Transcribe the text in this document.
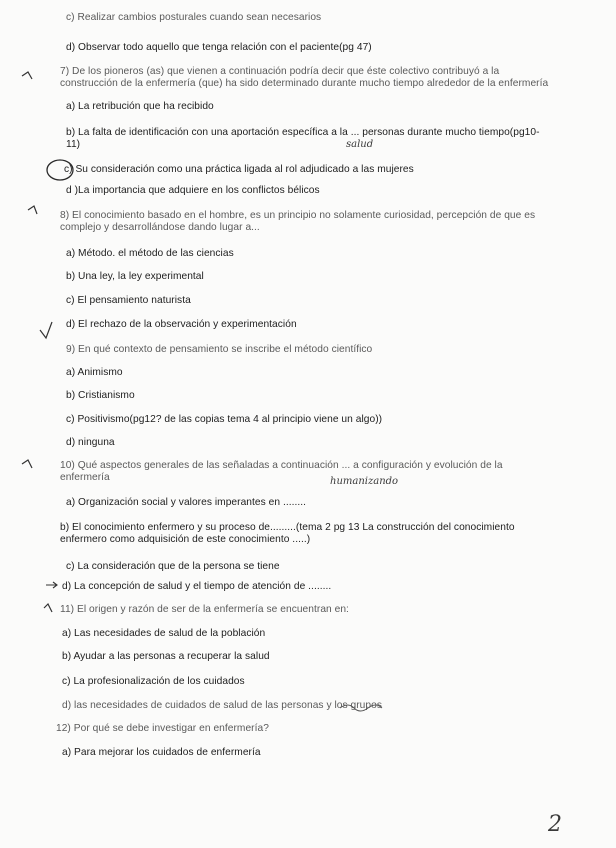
c) Realizar cambios posturales cuando sean necesarios
d) Observar todo aquello que tenga relación con el paciente(pg 47)
7) De los pioneros (as) que vienen a continuación podría decir que éste colectivo contribuyó a la construcción de la enfermería (que) ha sido determinado durante mucho tiempo alrededor de la enfermería
a) La retribución que ha recibido
b) La falta de identificación con una aportación específica a la ... personas durante mucho tiempo(pg10-11)
c) Su consideración como una práctica ligada al rol adjudicado a las mujeres
d )La importancia que adquiere en los conflictos bélicos
8) El conocimiento basado en el hombre, es un principio no solamente curiosidad, percepción de que es complejo y desarrollándose dando lugar a...
a) Método. el método de las ciencias
b) Una ley, la ley experimental
c) El pensamiento naturista
d) El rechazo de la observación y experimentación
9) En qué contexto de pensamiento se inscribe el método científico
a) Animismo
b) Cristianismo
c) Positivismo(pg12? de las copias tema 4 al principio viene un algo))
d) ninguna
10) Qué aspectos generales de las señaladas a continuación ... a configuración y evolución de la enfermería
a) Organización social y valores imperantes en ........
b) El conocimiento enfermero y su proceso de.........(tema 2 pg 13 La construcción del conocimiento enfermero como adquisición de este conocimiento .....)
c) La consideración que de la persona se tiene
d) La concepción de salud y el tiempo de atención de ........
11) El origen y razón de ser de la enfermería se encuentran en:
a) Las necesidades de salud de la población
b) Ayudar a las personas a recuperar la salud
c) La profesionalización de los cuidados
d) las necesidades de cuidados de salud de las personas y los grupos
12) Por qué se debe investigar en enfermería?
a) Para mejorar los cuidados de enfermería
salud
humanizando
2
